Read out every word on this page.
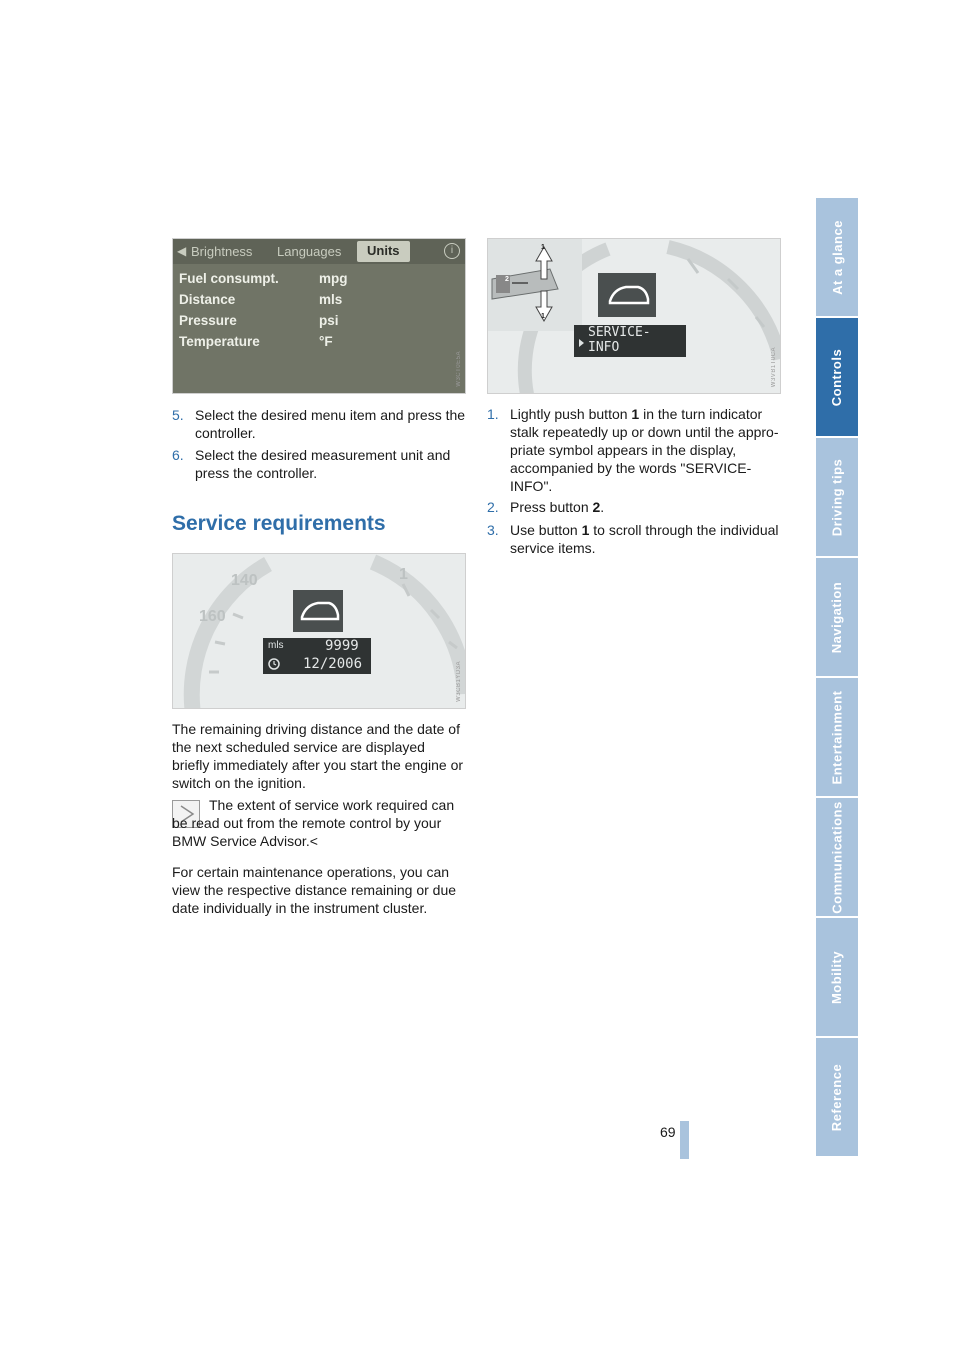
At a glance
Controls
Driving tips
Navigation
Entertainment
Communications
Mobility
Reference
◀ Brightness Languages	Units	i
Fuel consumpt.	mpg
Distance	mls
Pressure	psi
Temperature	°F
W3CT0E5A
1
2
1
SERVICE-
INFO	W3VB1T0CA
5. Select the desired menu item and press the controller.
6. Select the desired measurement unit and press the controller.
Service requirements
140
160
1
mls	9999
12/2006	W3CB1YD3A

The remaining driving distance and the date of the next scheduled service are displayed briefly immediately after you start the engine or switch on the ignition.

The extent of service work required can be read out from the remote control by your BMW Service Advisor.<

For certain maintenance operations, you can view the respective distance remaining or due date individually in the instrument cluster.

1. Lightly push button 1 in the turn indicator stalk repeatedly up or down until the appro-priate symbol appears in the display, accompanied by the words "SERVICE-INFO".
2. Press button 2.
3. Use button 1 to scroll through the individual service items.
69
